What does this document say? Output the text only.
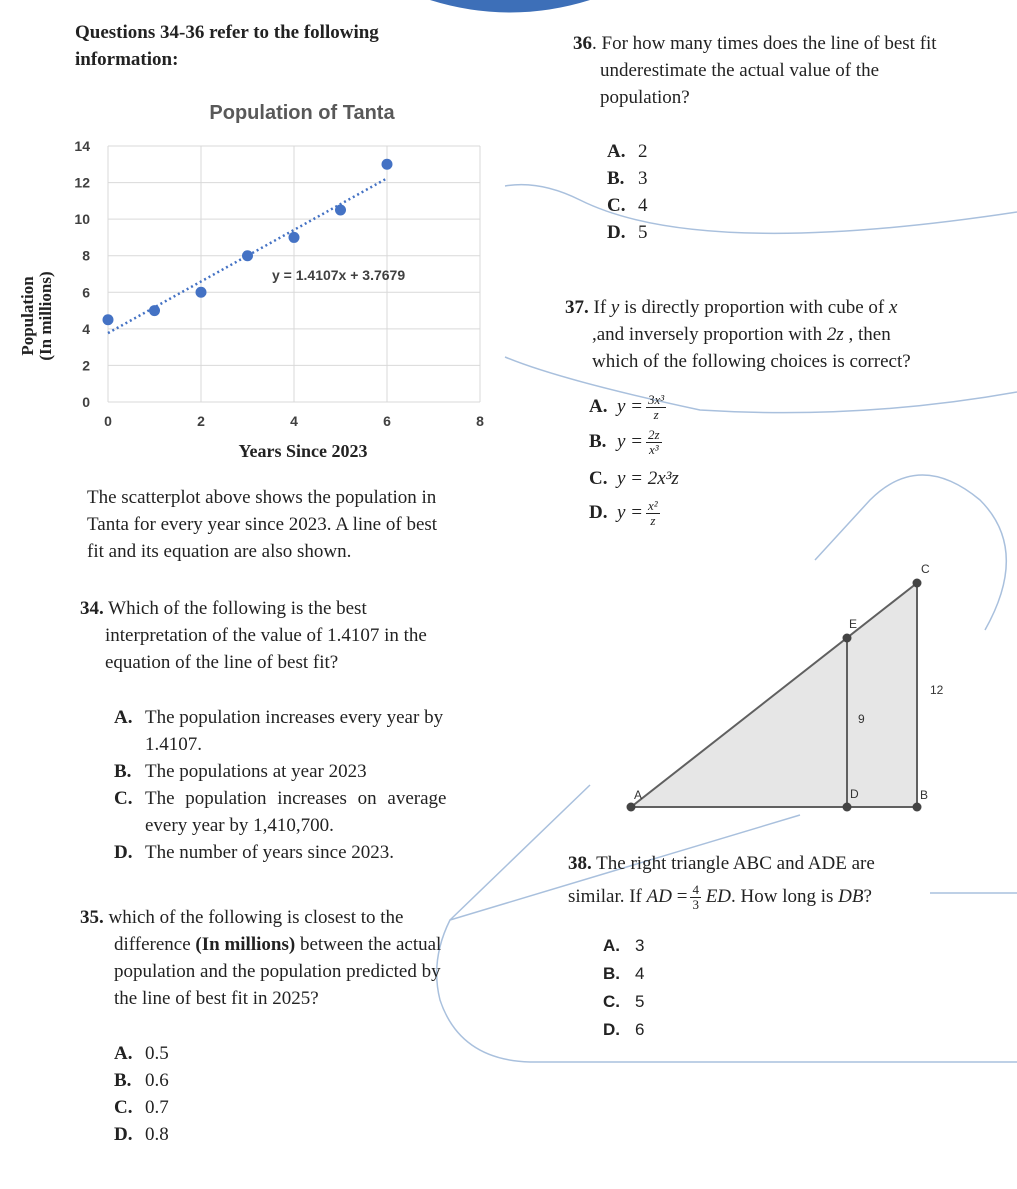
Questions 34-36 refer to the following
information:
Population of Tanta
0
2
4
6
8
10
12
14
0	2	4	6	8
y = 1.4107x + 3.7679
Years Since 2023
Population (In millions)
The scatterplot above shows the population in
Tanta for every year since 2023. A line of best
fit and its equation are also shown.
34. Which of the following is the best
interpretation of the value of 1.4107 in the
equation of the line of best fit?
A. The population increases every year by
1.4107.
B. The populations at year 2023
C. The population increases on average
every year by 1,410,700.
D. The number of years since 2023.
35. which of the following is closest to the
difference (In millions) between the actual
population and the population predicted by
the line of best fit in 2025?
A. 0.5
B. 0.6
C. 0.7
D. 0.8
36. For how many times does the line of best fit
underestimate the actual value of the
population?
A. 2
B. 3
C. 4
D. 5
37. If y is directly proportion with cube of x
,and inversely proportion with 2z , then
which of the following choices is correct?
A. $y = \frac{\text{3x³}}{z}$
B. $y = \frac{2z}{\text{x³}}$
C. y = 2x³z
D. $y = \frac{\text{x²}}{z}$
A	B
C
D
E
9
12
38. The right triangle ABC and ADE are
similar. If AD = $\frac{4}{3}$ ED. How long is DB?
A. 3
B. 4
C. 5
D. 6
